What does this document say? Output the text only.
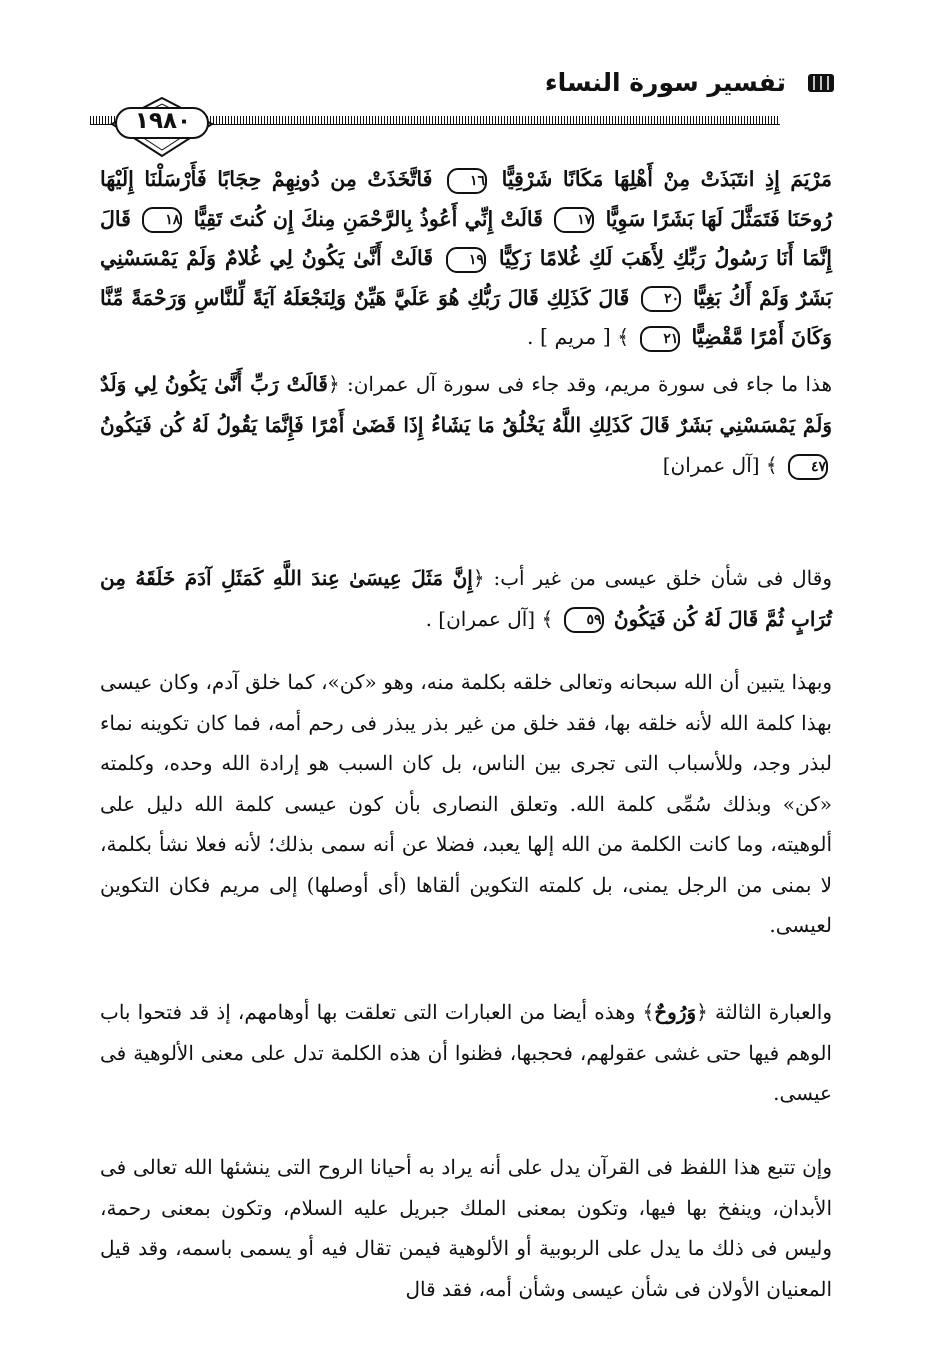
تفسير سورة النساء
١٩٨٠

مَرْيَمَ إِذِ انتَبَذَتْ مِنْ أَهْلِهَا مَكَانًا شَرْقِيًّا ١٦ فَاتَّخَذَتْ مِن دُونِهِمْ حِجَابًا فَأَرْسَلْنَا إِلَيْهَا رُوحَنَا فَتَمَثَّلَ لَهَا بَشَرًا سَوِيًّا ١٧ قَالَتْ إِنِّي أَعُوذُ بِالرَّحْمَنِ مِنكَ إِن كُنتَ تَقِيًّا ١٨ قَالَ إِنَّمَا أَنَا رَسُولُ رَبِّكِ لِأَهَبَ لَكِ غُلامًا زَكِيًّا ١٩ قَالَتْ أَنَّىٰ يَكُونُ لِي غُلامٌ وَلَمْ يَمْسَسْنِي بَشَرٌ وَلَمْ أَكُ بَغِيًّا ٢٠ قَالَ كَذَلِكِ قَالَ رَبُّكِ هُوَ عَلَيَّ هَيِّنٌ وَلِنَجْعَلَهُ آيَةً لِّلنَّاسِ وَرَحْمَةً مِّنَّا وَكَانَ أَمْرًا مَّقْضِيًّا ٢١ ﴾ [ مريم ] .

هذا ما جاء فى سورة مريم، وقد جاء فى سورة آل عمران: ﴿قَالَتْ رَبِّ أَنَّىٰ يَكُونُ لِي وَلَدٌ وَلَمْ يَمْسَسْنِي بَشَرٌ قَالَ كَذَلِكِ اللَّهُ يَخْلُقُ مَا يَشَاءُ إِذَا قَضَىٰ أَمْرًا فَإِنَّمَا يَقُولُ لَهُ كُن فَيَكُونُ ٤٧ ﴾ [آل عمران]

وقال فى شأن خلق عيسى من غير أب: ﴿إِنَّ مَثَلَ عِيسَىٰ عِندَ اللَّهِ كَمَثَلِ آدَمَ خَلَقَهُ مِن تُرَابٍ ثُمَّ قَالَ لَهُ كُن فَيَكُونُ ٥٩ ﴾ [آل عمران] .

وبهذا يتبين أن الله سبحانه وتعالى خلقه بكلمة منه، وهو «كن»، كما خلق آدم، وكان عيسى بهذا كلمة الله لأنه خلقه بها، فقد خلق من غير بذر يبذر فى رحم أمه، فما كان تكوينه نماء لبذر وجد، وللأسباب التى تجرى بين الناس، بل كان السبب هو إرادة الله وحده، وكلمته «كن» وبذلك سُمِّى كلمة الله. وتعلق النصارى بأن كون عيسى كلمة الله دليل على ألوهيته، وما كانت الكلمة من الله إلها يعبد، فضلا عن أنه سمى بذلك؛ لأنه فعلا نشأ بكلمة، لا بمنى من الرجل يمنى، بل كلمته التكوين ألقاها (أى أوصلها) إلى مريم فكان التكوين لعيسى.

والعبارة الثالثة ﴿وَرُوحٌ﴾ وهذه أيضا من العبارات التى تعلقت بها أوهامهم، إذ قد فتحوا باب الوهم فيها حتى غشى عقولهم، فحجبها، فظنوا أن هذه الكلمة تدل على معنى الألوهية فى عيسى.

وإن تتبع هذا اللفظ فى القرآن يدل على أنه يراد به أحيانا الروح التى ينشئها الله تعالى فى الأبدان، وينفخ بها فيها، وتكون بمعنى الملك جبريل عليه السلام، وتكون بمعنى رحمة، وليس فى ذلك ما يدل على الربوبية أو الألوهية فيمن تقال فيه أو يسمى باسمه، وقد قيل المعنيان الأولان فى شأن عيسى وشأن أمه، فقد قال
